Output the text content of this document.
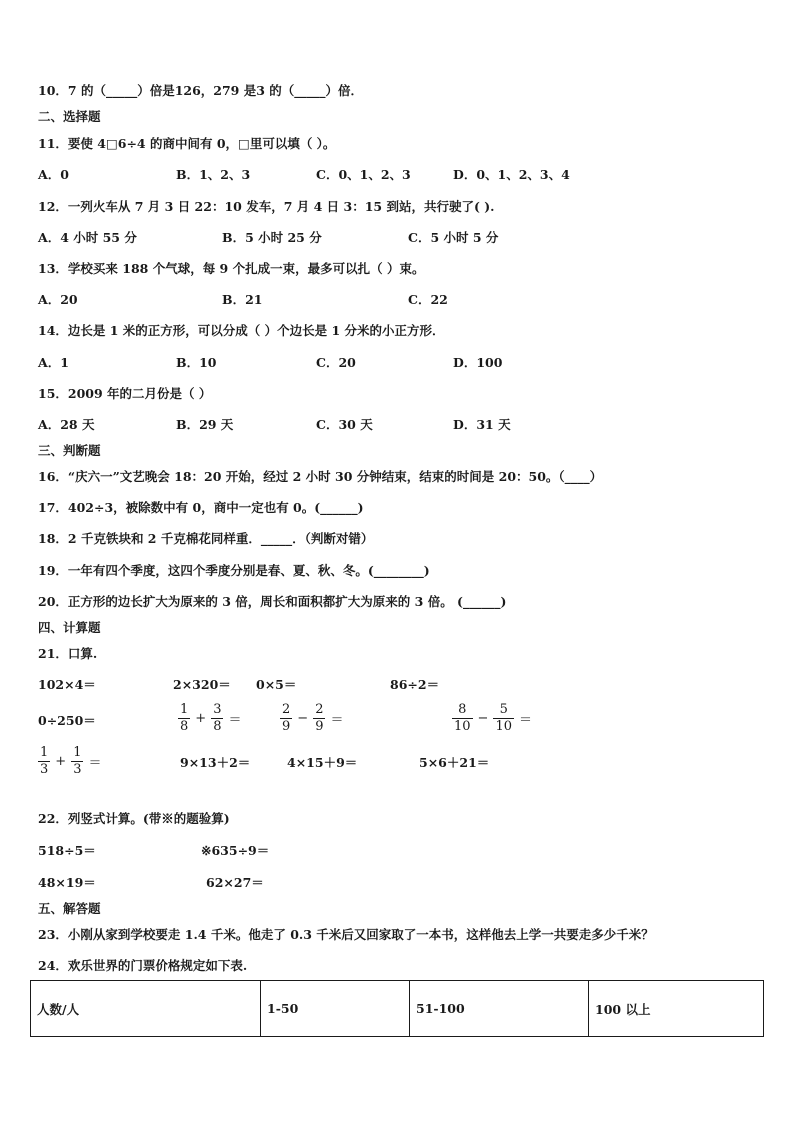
10．7 的（_____）倍是126，279 是3 的（_____）倍．
二、选择题
11．要使 4□6÷4 的商中间有 0，□里可以填（ ）。
A．0	B．1、2、3	C．0、1、2、3	D．0、1、2、3、4
12．一列火车从 7 月 3 日 22：10 发车，7 月 4 日 3：15 到站，共行驶了( ).
A．4 小时 55 分	B．5 小时 25 分	C．5 小时 5 分
13．学校买来 188 个气球，每 9 个扎成一束，最多可以扎（ ）束。
A．20	B．21	C．22
14．边长是 1 米的正方形，可以分成（ ）个边长是 1 分米的小正方形．
A．1	B．10	C．20	D．100
15．2009 年的二月份是（ ）
A．28 天	B．29 天	C．30 天	D．31 天
三、判断题
16．“庆六一”文艺晚会 18：20 开始，经过 2 小时 30 分钟结束，结束的时间是 20：50。（____）
17．402÷3，被除数中有 0，商中一定也有 0。(______)
18．2 千克铁块和 2 千克棉花同样重．_____．（判断对错）
19．一年有四个季度，这四个季度分别是春、夏、秋、冬。(________)
20．正方形的边长扩大为原来的 3 倍，周长和面积都扩大为原来的 3 倍。 (______)
四、计算题
21．口算.
102×4＝	2×320＝ 0×5＝	86÷2＝
0÷250＝	$\frac{1}{8} + \frac{3}{8}$ ＝	$\frac{2}{9} - \frac{2}{9}$ ＝	$\frac{8}{10} - \frac{5}{10}$ ＝
$\frac{1}{3} + \frac{1}{3}$ ＝	9×13＋2＝	4×15＋9＝	5×6＋21＝
22．列竖式计算。(带※的题验算)
518÷5＝	※635÷9＝
48×19＝	62×27＝
五、解答题
23．小刚从家到学校要走 1.4 千米。他走了 0.3 千米后又回家取了一本书，这样他去上学一共要走多少千米？
24．欢乐世界的门票价格规定如下表.
人数/人	1-50	51-100	100 以上
